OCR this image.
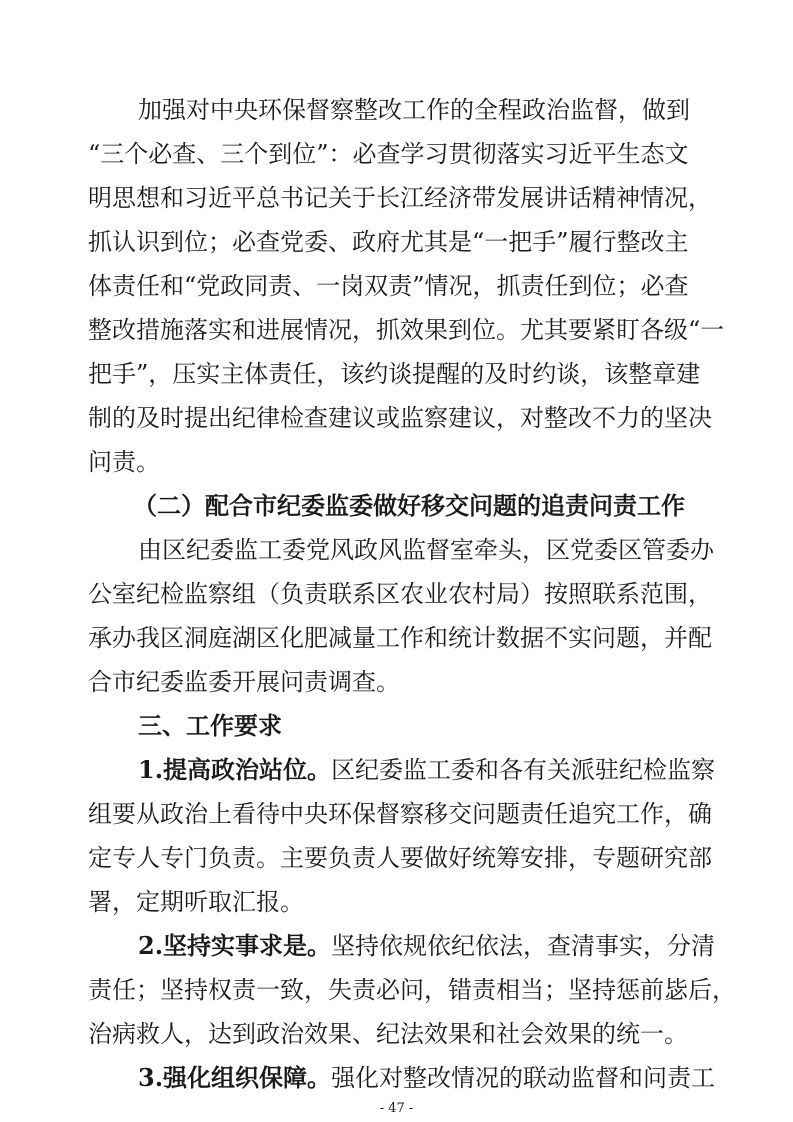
加强对中央环保督察整改工作的全程政治监督，做到
“三个必查、三个到位”：必查学习贯彻落实习近平生态文
明思想和习近平总书记关于长江经济带发展讲话精神情况，
抓认识到位；必查党委、政府尤其是“一把手”履行整改主
体责任和“党政同责、一岗双责”情况，抓责任到位；必查
整改措施落实和进展情况，抓效果到位。尤其要紧盯各级“一
把手”，压实主体责任，该约谈提醒的及时约谈，该整章建
制的及时提出纪律检查建议或监察建议，对整改不力的坚决
问责。
（二）配合市纪委监委做好移交问题的追责问责工作
由区纪委监工委党风政风监督室牵头，区党委区管委办
公室纪检监察组（负责联系区农业农村局）按照联系范围，
承办我区洞庭湖区化肥减量工作和统计数据不实问题，并配
合市纪委监委开展问责调查。
三、工作要求
1.提高政治站位。区纪委监工委和各有关派驻纪检监察
组要从政治上看待中央环保督察移交问题责任追究工作，确
定专人专门负责。主要负责人要做好统筹安排，专题研究部
署，定期听取汇报。
2.坚持实事求是。坚持依规依纪依法，查清事实，分清
责任；坚持权责一致，失责必问，错责相当；坚持惩前毖后，
治病救人，达到政治效果、纪法效果和社会效果的统一。
3.强化组织保障。强化对整改情况的联动监督和问责工
- 47 -
